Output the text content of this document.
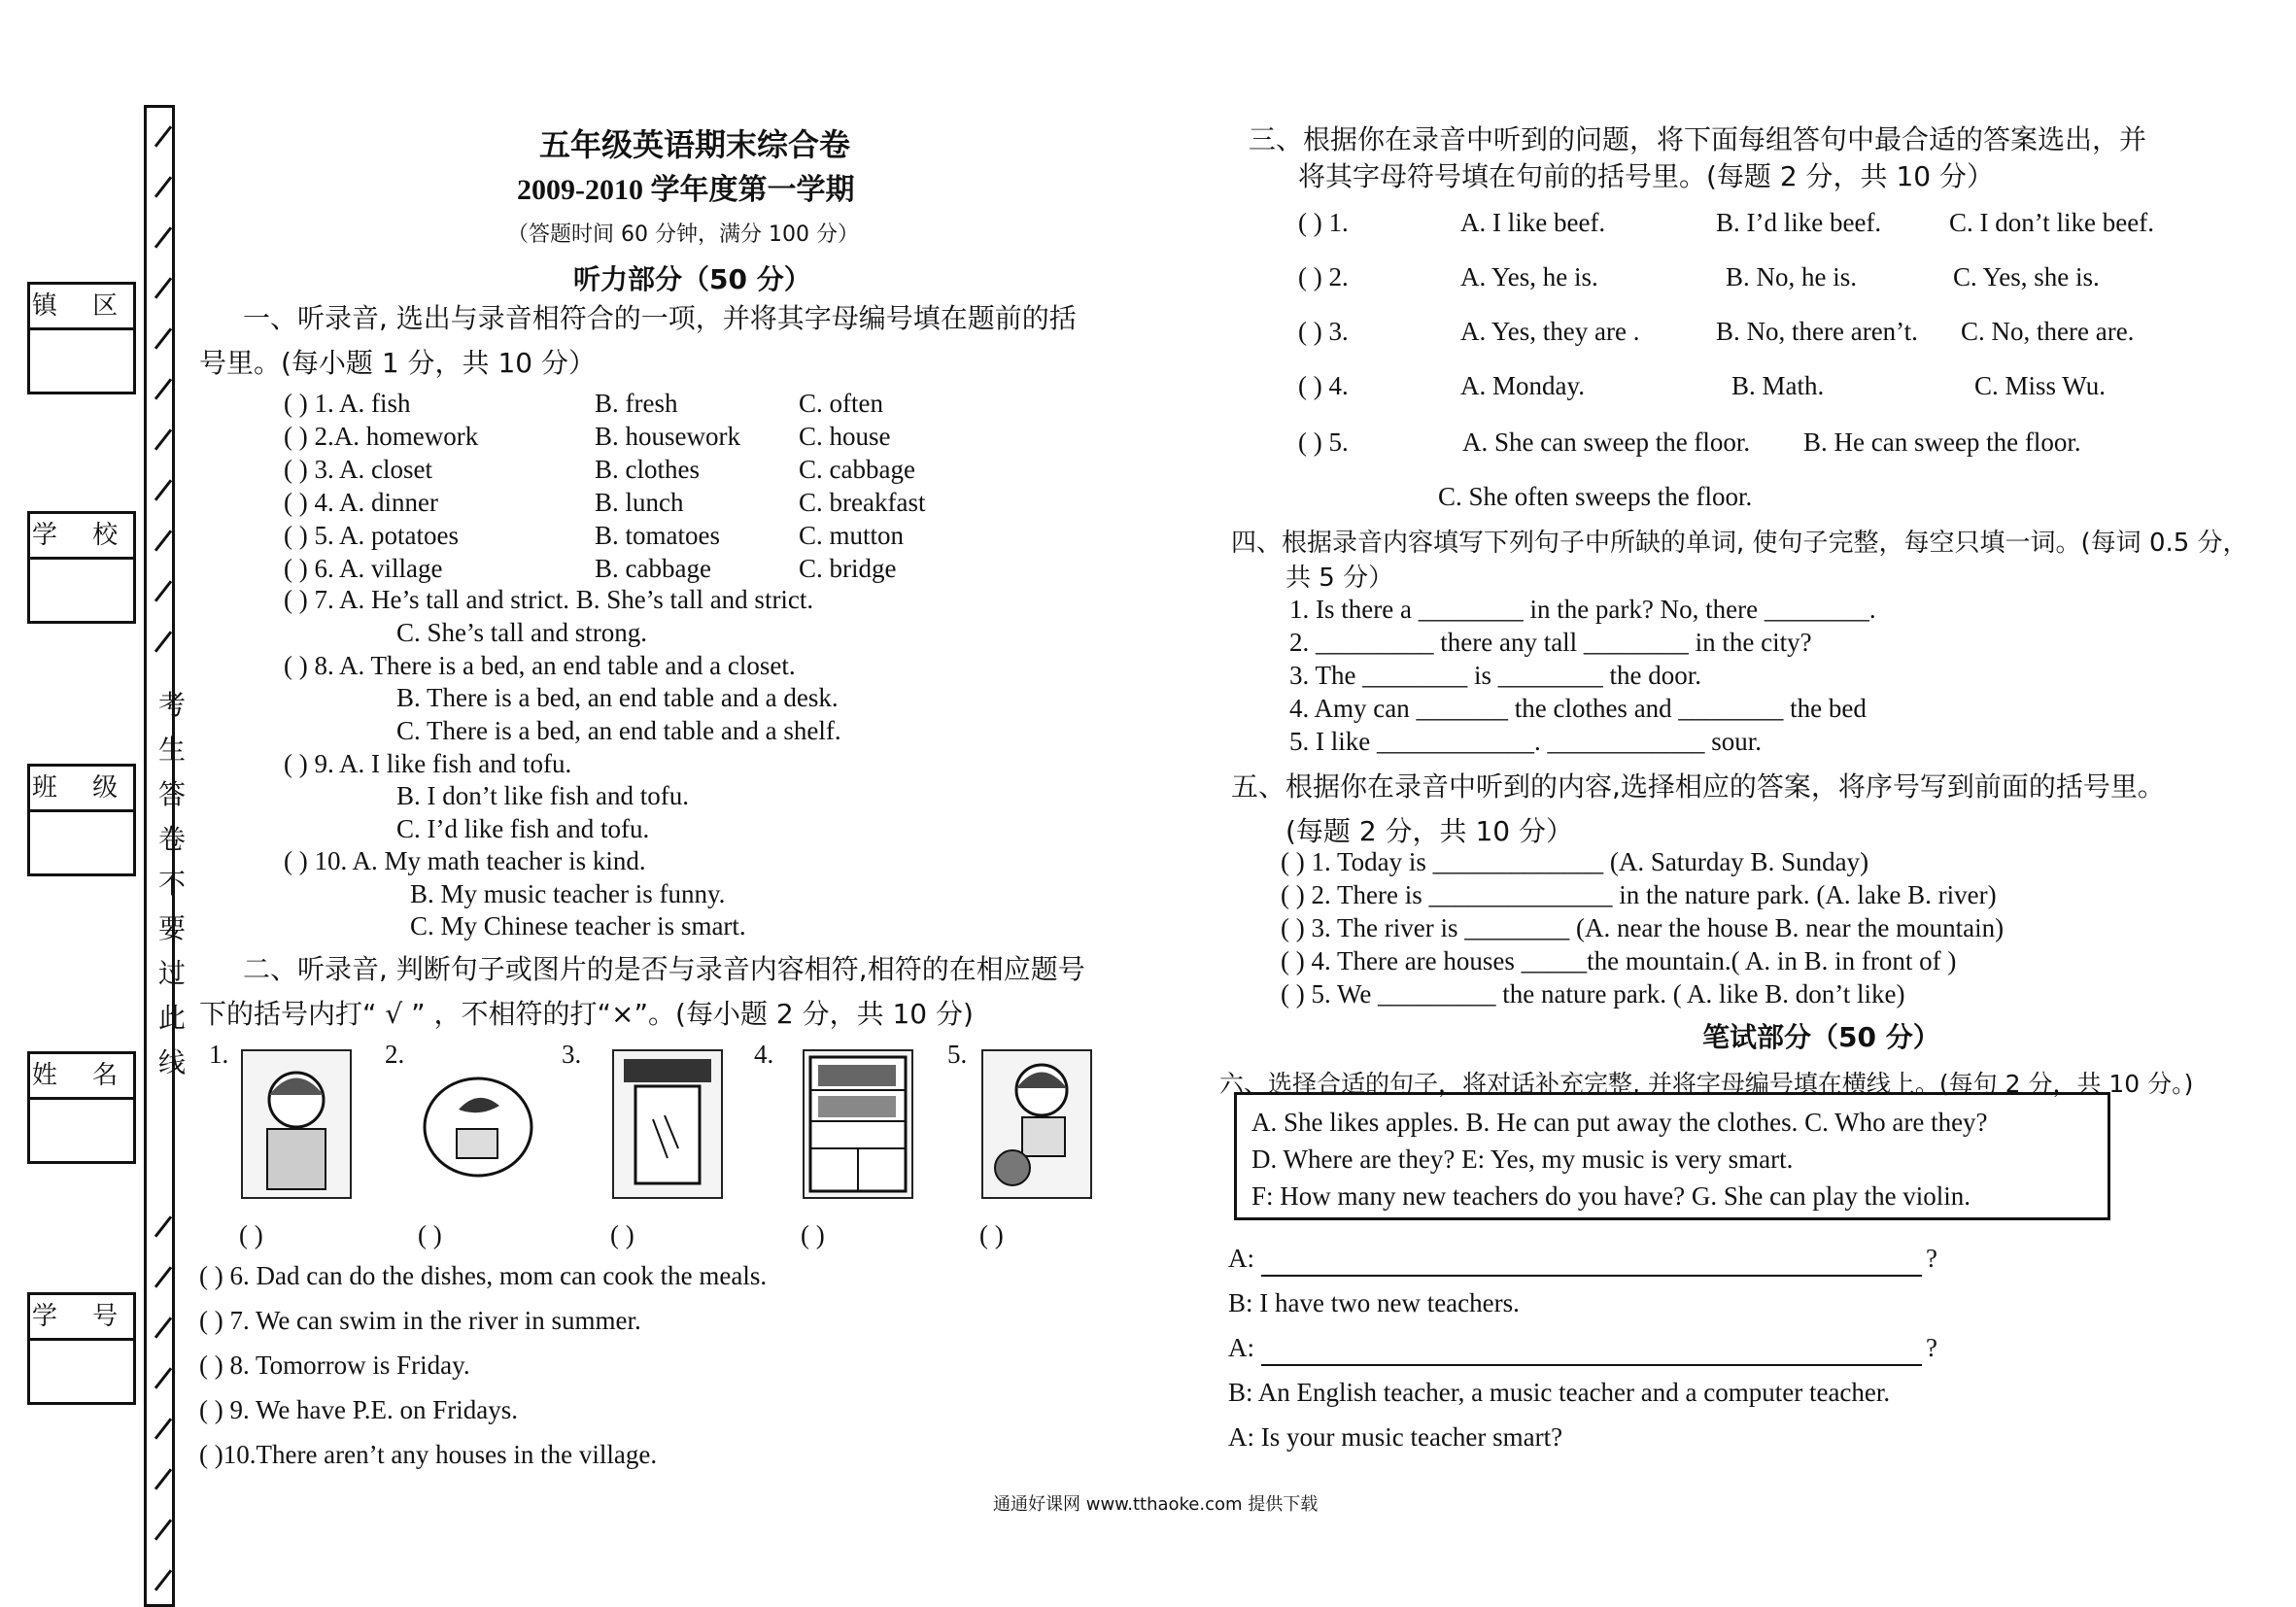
考
生
答
卷
不
要
过
此
线
镇 区
学 校
班 级
姓 名
学 号
五年级英语期末综合卷
2009-2010 学年度第一学期
（答题时间 60 分钟，满分 100 分）
听力部分（50 分）
一、听录音, 选出与录音相符合的一项，并将其字母编号填在题前的括
号里。(每小题 1 分，共 10 分）
( ) 1. A. fish	B. fresh	C. often
( ) 2.A. homework	B. housework C. house
( ) 3. A. closet	B. clothes	C. cabbage
( ) 4. A. dinner	B. lunch	C. breakfast
( ) 5. A. potatoes	B. tomatoes	C. mutton
( ) 6. A. village	B. cabbage	C. bridge
( ) 7. A. He’s tall and strict. B. She’s tall and strict.
C. She’s tall and strong.
( ) 8. A. There is a bed, an end table and a closet.
B. There is a bed, an end table and a desk.
C. There is a bed, an end table and a shelf.
( ) 9. A. I like fish and tofu.
B. I don’t like fish and tofu.
C. I’d like fish and tofu.
( ) 10. A. My math teacher is kind.
B. My music teacher is funny.
C. My Chinese teacher is smart.
二、听录音, 判断句子或图片的是否与录音内容相符,相符的在相应题号
下的括号内打“ √ ” ，不相符的打“×”。(每小题 2 分，共 10 分)
1.
( )
2.
( )
3.
( )
4.
( )
5.
( )
( ) 6. Dad can do the dishes, mom can cook the meals.
( ) 7. We can swim in the river in summer.
( ) 8. Tomorrow is Friday.
( ) 9. We have P.E. on Fridays.
( )10.There aren’t any houses in the village.
三、根据你在录音中听到的问题，将下面每组答句中最合适的答案选出，并
将其字母符号填在句前的括号里。(每题 2 分，共 10 分）
( ) 1.	A. I like beef.	B. I’d like beef.	C. I don’t like beef.
( ) 2.	A. Yes, he is.	B. No, he is.	C. Yes, she is.
( ) 3.	A. Yes, they are .	B. No, there aren’t. C. No, there are.
( ) 4.	A. Monday.	B. Math.	C. Miss Wu.
( ) 5.	A. She can sweep the floor. B. He can sweep the floor.
C. She often sweeps the floor.
四、根据录音内容填写下列句子中所缺的单词, 使句子完整，每空只填一词。(每词 0.5 分，
共 5 分）
1. Is there a ________ in the park? No, there ________.
2. _________ there any tall ________ in the city?
3. The ________ is ________ the door.
4. Amy can _______ the clothes and ________ the bed
5. I like ____________. ____________ sour.
五、根据你在录音中听到的内容,选择相应的答案，将序号写到前面的括号里。
(每题 2 分，共 10 分）
( ) 1. Today is _____________ (A. Saturday B. Sunday)
( ) 2. There is ______________ in the nature park. (A. lake B. river)
( ) 3. The river is ________ (A. near the house B. near the mountain)
( ) 4. There are houses _____the mountain.( A. in B. in front of )
( ) 5. We _________ the nature park. ( A. like B. don’t like)
笔试部分（50 分）
六、选择合适的句子，将对话补充完整, 并将字母编号填在横线上。(每句 2 分，共 10 分。)
A. She likes apples. B. He can put away the clothes. C. Who are they?
D. Where are they? E: Yes, my music is very smart.
F: How many new teachers do you have? G. She can play the violin.
A:	?
B: I have two new teachers.
A:	?
B: An English teacher, a music teacher and a computer teacher.
A: Is your music teacher smart?
通通好课网 www.tthaoke.com 提供下载
